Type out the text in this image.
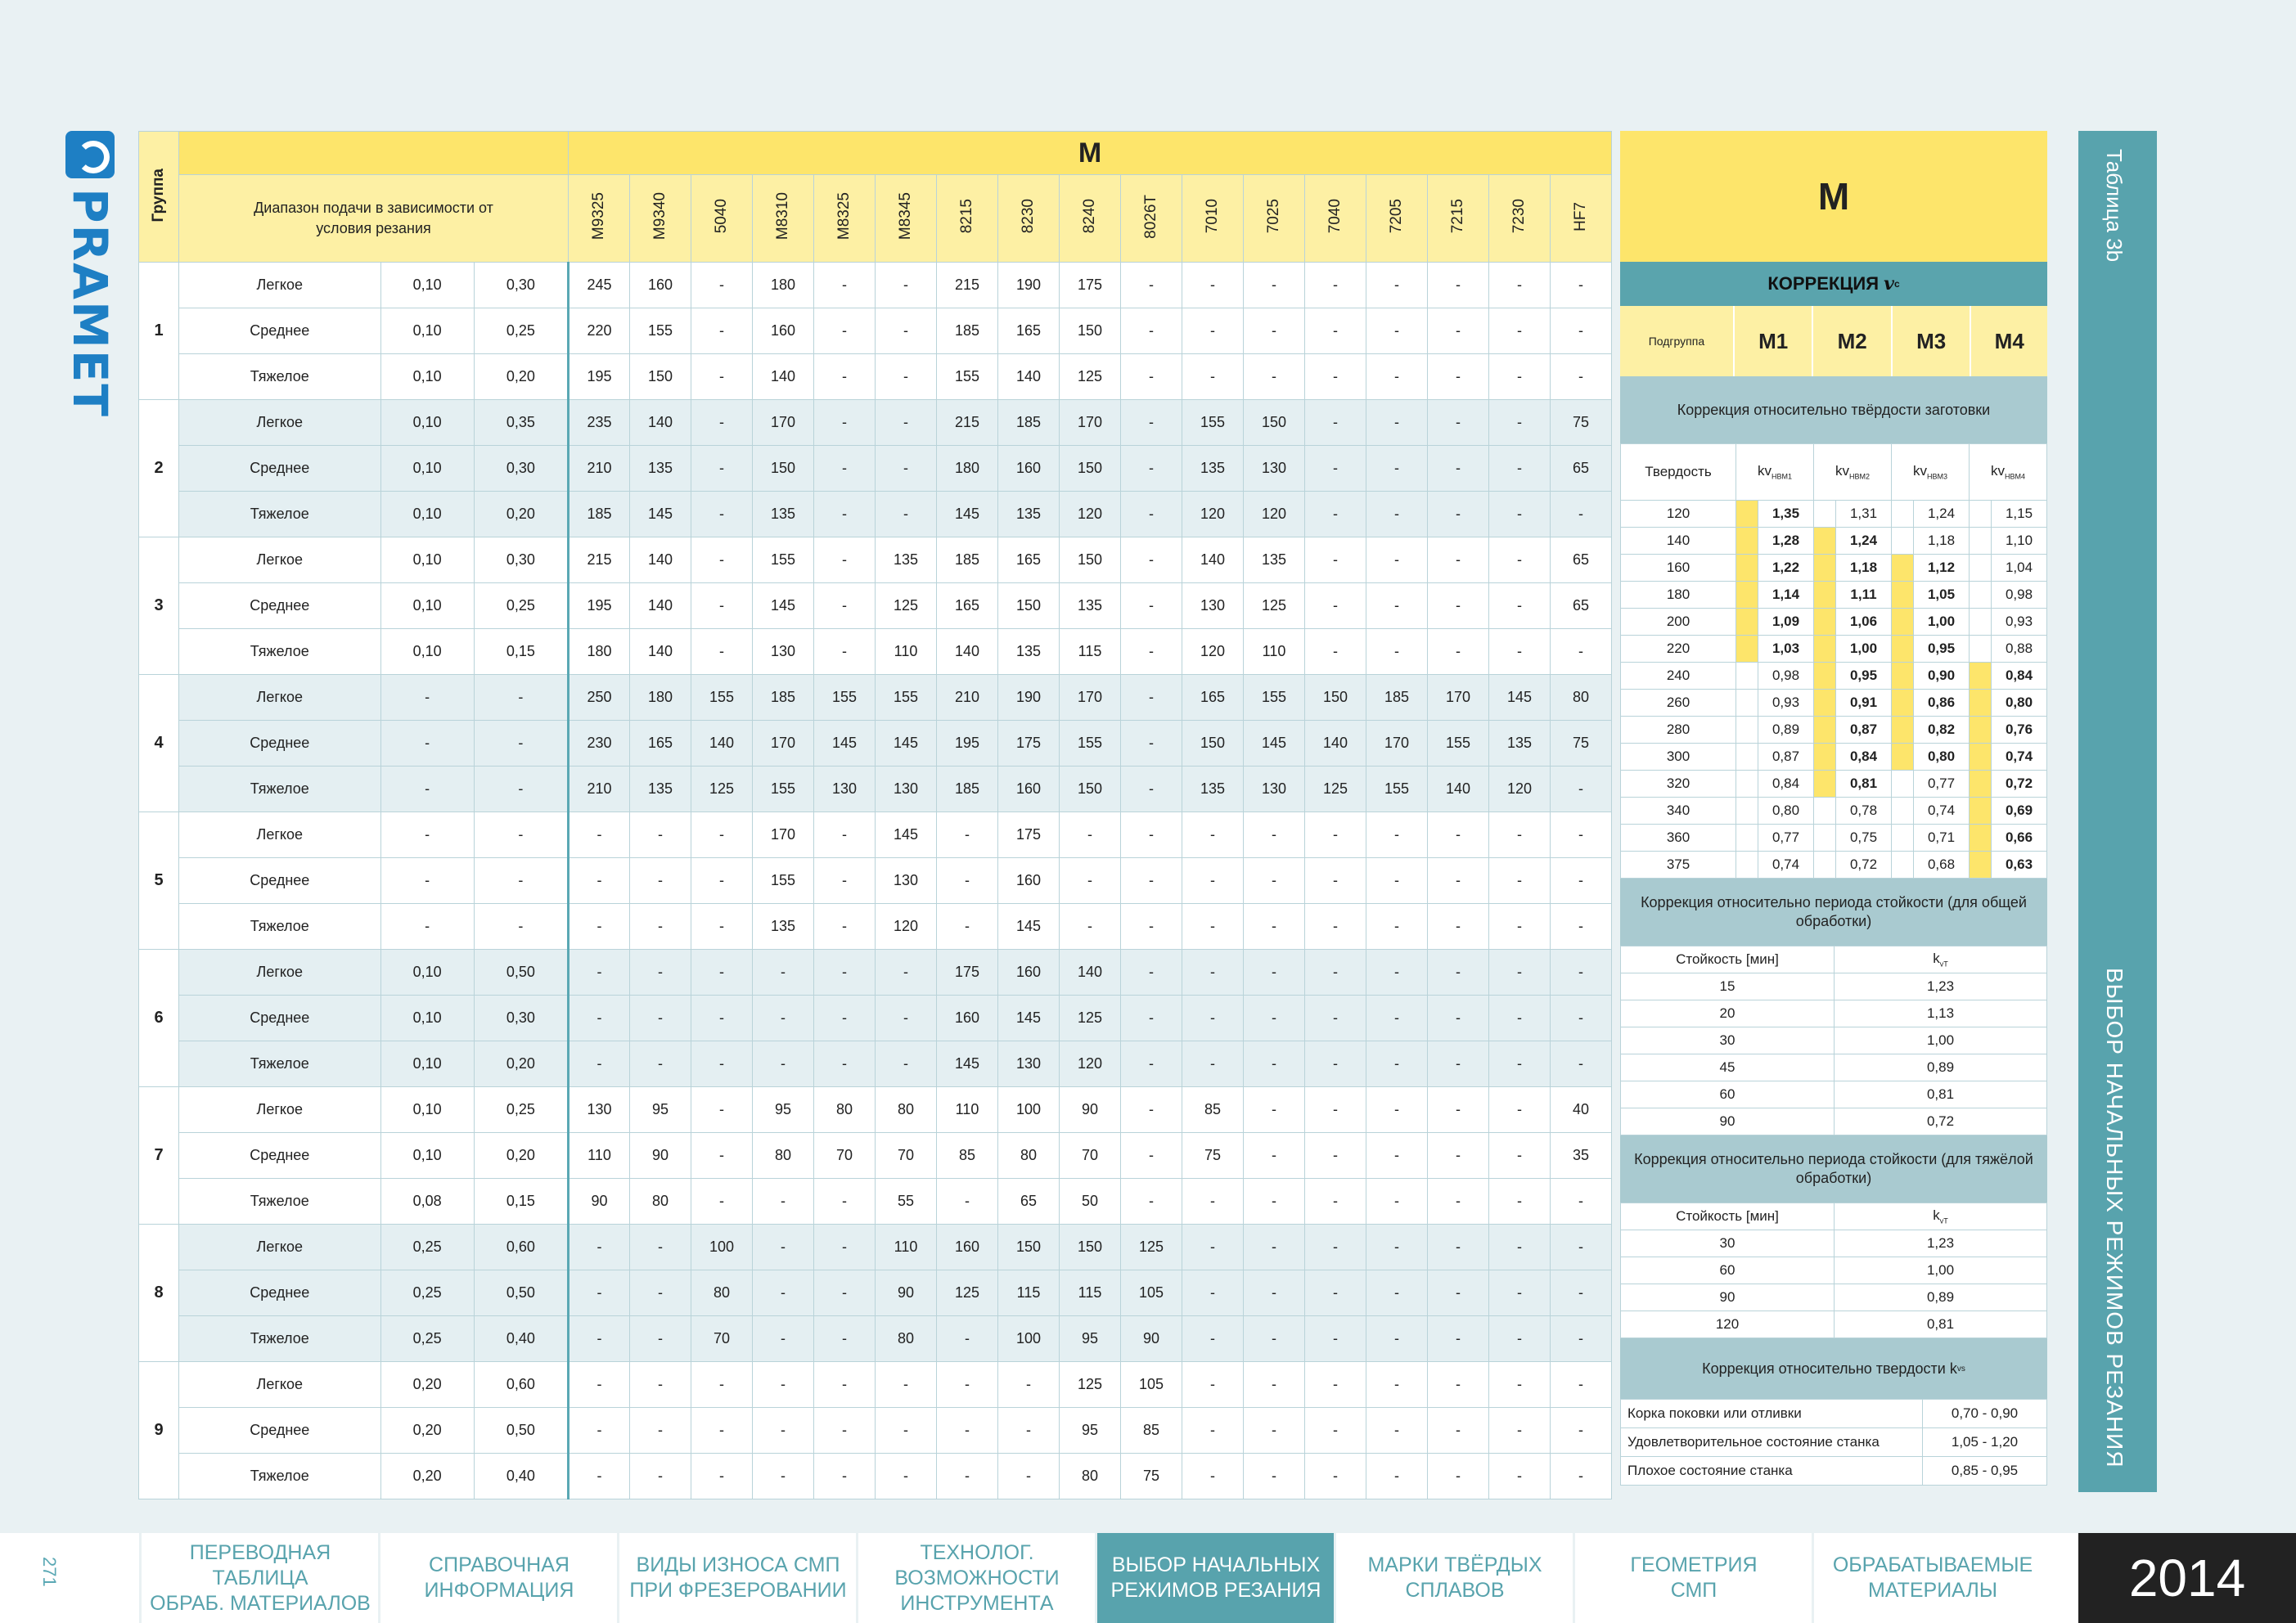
PRAMET Группа				M																
	Диапазон подачи в зависимости от условия резания			M9325	M9340	5040	M8310	M8325	M8345	8215	8230	8240	8026T	7010	7025	7040	7205	7215	7230	HF7
1	Легкое	0,10	0,30	245	160	-	180	-	-	215	190	175	-	-	-	-	-	-	-	-
	Среднее	0,10	0,25	220	155	-	160	-	-	185	165	150	-	-	-	-	-	-	-	-
	Тяжелое	0,10	0,20	195	150	-	140	-	-	155	140	125	-	-	-	-	-	-	-	-
2	Легкое	0,10	0,35	235	140	-	170	-	-	215	185	170	-	155	150	-	-	-	-	75
	Среднее	0,10	0,30	210	135	-	150	-	-	180	160	150	-	135	130	-	-	-	-	65
	Тяжелое	0,10	0,20	185	145	-	135	-	-	145	135	120	-	120	120	-	-	-	-	-
3	Легкое	0,10	0,30	215	140	-	155	-	135	185	165	150	-	140	135	-	-	-	-	65
	Среднее	0,10	0,25	195	140	-	145	-	125	165	150	135	-	130	125	-	-	-	-	65
	Тяжелое	0,10	0,15	180	140	-	130	-	110	140	135	115	-	120	110	-	-	-	-	-
4	Легкое	-	-	250	180	155	185	155	155	210	190	170	-	165	155	150	185	170	145	80
	Среднее	-	-	230	165	140	170	145	145	195	175	155	-	150	145	140	170	155	135	75
	Тяжелое	-	-	210	135	125	155	130	130	185	160	150	-	135	130	125	155	140	120	-
5	Легкое	-	-	-	-	-	170	-	145	-	175	-	-	-	-	-	-	-	-	-
	Среднее	-	-	-	-	-	155	-	130	-	160	-	-	-	-	-	-	-	-	-
	Тяжелое	-	-	-	-	-	135	-	120	-	145	-	-	-	-	-	-	-	-	-
6	Легкое	0,10	0,50	-	-	-	-	-	-	175	160	140	-	-	-	-	-	-	-	-
	Среднее	0,10	0,30	-	-	-	-	-	-	160	145	125	-	-	-	-	-	-	-	-
	Тяжелое	0,10	0,20	-	-	-	-	-	-	145	130	120	-	-	-	-	-	-	-	-
7	Легкое	0,10	0,25	130	95	-	95	80	80	110	100	90	-	85	-	-	-	-	-	40
	Среднее	0,10	0,20	110	90	-	80	70	70	85	80	70	-	75	-	-	-	-	-	35
	Тяжелое	0,08	0,15	90	80	-	-	-	55	-	65	50	-	-	-	-	-	-	-	-
8	Легкое	0,25	0,60	-	-	100	-	-	110	160	150	150	125	-	-	-	-	-	-	-
	Среднее	0,25	0,50	-	-	80	-	-	90	125	115	115	105	-	-	-	-	-	-	-
	Тяжелое	0,25	0,40	-	-	70	-	-	80	-	100	95	90	-	-	-	-	-	-	-
9	Легкое	0,20	0,60	-	-	-	-	-	-	-	-	125	105	-	-	-	-	-	-	-
	Среднее	0,20	0,50	-	-	-	-	-	-	-	-	95	85	-	-	-	-	-	-	-
	Тяжелое	0,20	0,40	-	-	-	-	-	-	-	-	80	75	-	-	-	-	-	-	-
M
КОРРЕКЦИЯ
v c
Подгруппа	M1	M2	M3	M4
Коррекция относительно твёрдости заготовки
Твердость	$kv_{HBM1}$		$kv_{HBM2}$		$kv_{HBM3}$		$kv_{HBM4}$
120		1,35		1,31		1,24		1,15
140		1,28		1,24		1,18		1,10
160		1,22		1,18		1,12		1,04
180		1,14		1,11		1,05		0,98
200		1,09		1,06		1,00		0,93
220		1,03		1,00		0,95		0,88
240		0,98		0,95		0,90		0,84
260		0,93		0,91		0,86		0,80
280		0,89		0,87		0,82		0,76
300		0,87		0,84		0,80		0,74
320		0,84		0,81		0,77		0,72
340		0,80		0,78		0,74		0,69
360		0,77		0,75		0,71		0,66
375		0,74		0,72		0,68		0,63
Коррекция относительно периода стойкости (для общей обработки)
Стойкость [мин]	$k_{vT}$
15	1,23
20	1,13
30	1,00
45	0,89
60	0,81
90	0,72
Коррекция относительно периода стойкости (для тяжёлой обработки)
Стойкость [мин]	$k_{vT}$
30	1,23
60	1,00
90	0,89
120	0,81
Коррекция относительно твердости k vs
Корка поковки или отливки	0,70 - 0,90
Удовлетворительное состояние станка	1,05 - 1,20
Плохое состояние станка	0,85 - 0,95
Таблица 3b
ВЫБОР НАЧАЛЬНЫХ РЕЖИМОВ РЕЗАНИЯ
271
ПЕРЕВОДНАЯ ТАБЛИЦА
ОБРАБ. МАТЕРИАЛОВ
СПРАВОЧНАЯ
ИНФОРМАЦИЯ
ВИДЫ ИЗНОСА СМП
ПРИ ФРЕЗЕРОВАНИИ
ТЕХНОЛОГ. ВОЗМОЖНОСТИ
ИНСТРУМЕНТА
ВЫБОР НАЧАЛЬНЫХ
РЕЖИМОВ РЕЗАНИЯ
МАРКИ ТВЁРДЫХ
СПЛАВОВ
ГЕОМЕТРИЯ
СМП
ОБРАБАТЫВАЕМЫЕ
МАТЕРИАЛЫ	2014
